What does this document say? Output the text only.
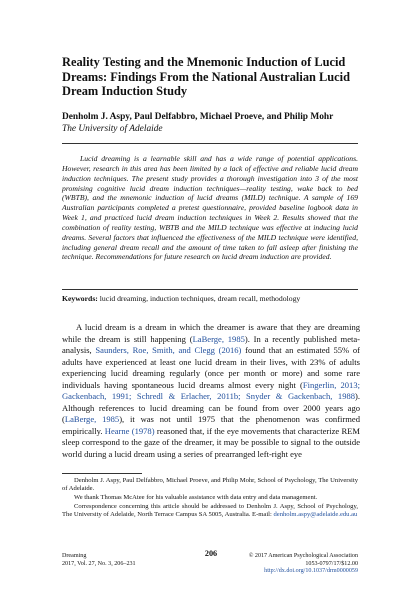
Reality Testing and the Mnemonic Induction of Lucid Dreams: Findings From the National Australian Lucid Dream Induction Study
Denholm J. Aspy, Paul Delfabbro, Michael Proeve, and Philip Mohr
The University of Adelaide

Lucid dreaming is a learnable skill and has a wide range of potential applications. However, research in this area has been limited by a lack of effective and reliable lucid dream induction techniques. The present study provides a thorough investigation into 3 of the most promising cognitive lucid dream induction techniques—reality testing, wake back to bed (WBTB), and the mnemonic induction of lucid dreams (MILD) technique. A sample of 169 Australian participants completed a pretest questionnaire, provided baseline logbook data in Week 1, and practiced lucid dream induction techniques in Week 2. Results showed that the combination of reality testing, WBTB and the MILD technique was effective at inducing lucid dreams. Several factors that influenced the effectiveness of the MILD technique were identified, including general dream recall and the amount of time taken to fall asleep after finishing the technique. Recommendations for future research on lucid dream induction are provided.

Keywords: lucid dreaming, induction techniques, dream recall, methodology

A lucid dream is a dream in which the dreamer is aware that they are dreaming while the dream is still happening (LaBerge, 1985). In a recently published meta-analysis, Saunders, Roe, Smith, and Clegg (2016) found that an estimated 55% of adults have experienced at least one lucid dream in their lives, with 23% of adults experiencing lucid dreaming regularly (once per month or more) and some rare individuals having spontaneous lucid dreams almost every night (Fingerlin, 2013; Gackenbach, 1991; Schredl & Erlacher, 2011b; Snyder & Gackenbach, 1988). Although references to lucid dreaming can be found from over 2000 years ago (LaBerge, 1985), it was not until 1975 that the phenomenon was confirmed empirically. Hearne (1978) reasoned that, if the eye movements that characterize REM sleep correspond to the gaze of the dreamer, it may be possible to signal to the outside world during a lucid dream using a series of prearranged left-right eye

Denholm J. Aspy, Paul Delfabbro, Michael Proeve, and Philip Mohr, School of Psychology, The University of Adelaide.

We thank Thomas McAtee for his valuable assistance with data entry and data management.

Correspondence concerning this article should be addressed to Denholm J. Aspy, School of Psychology, The University of Adelaide, North Terrace Campus SA 5005, Australia. E-mail: denholm.aspy@adelaide.edu.au

206
Dreaming
2017, Vol. 27, No. 3, 206–231
© 2017 American Psychological Association
1053-0797/17/$12.00 http://dx.doi.org/10.1037/drm0000059
